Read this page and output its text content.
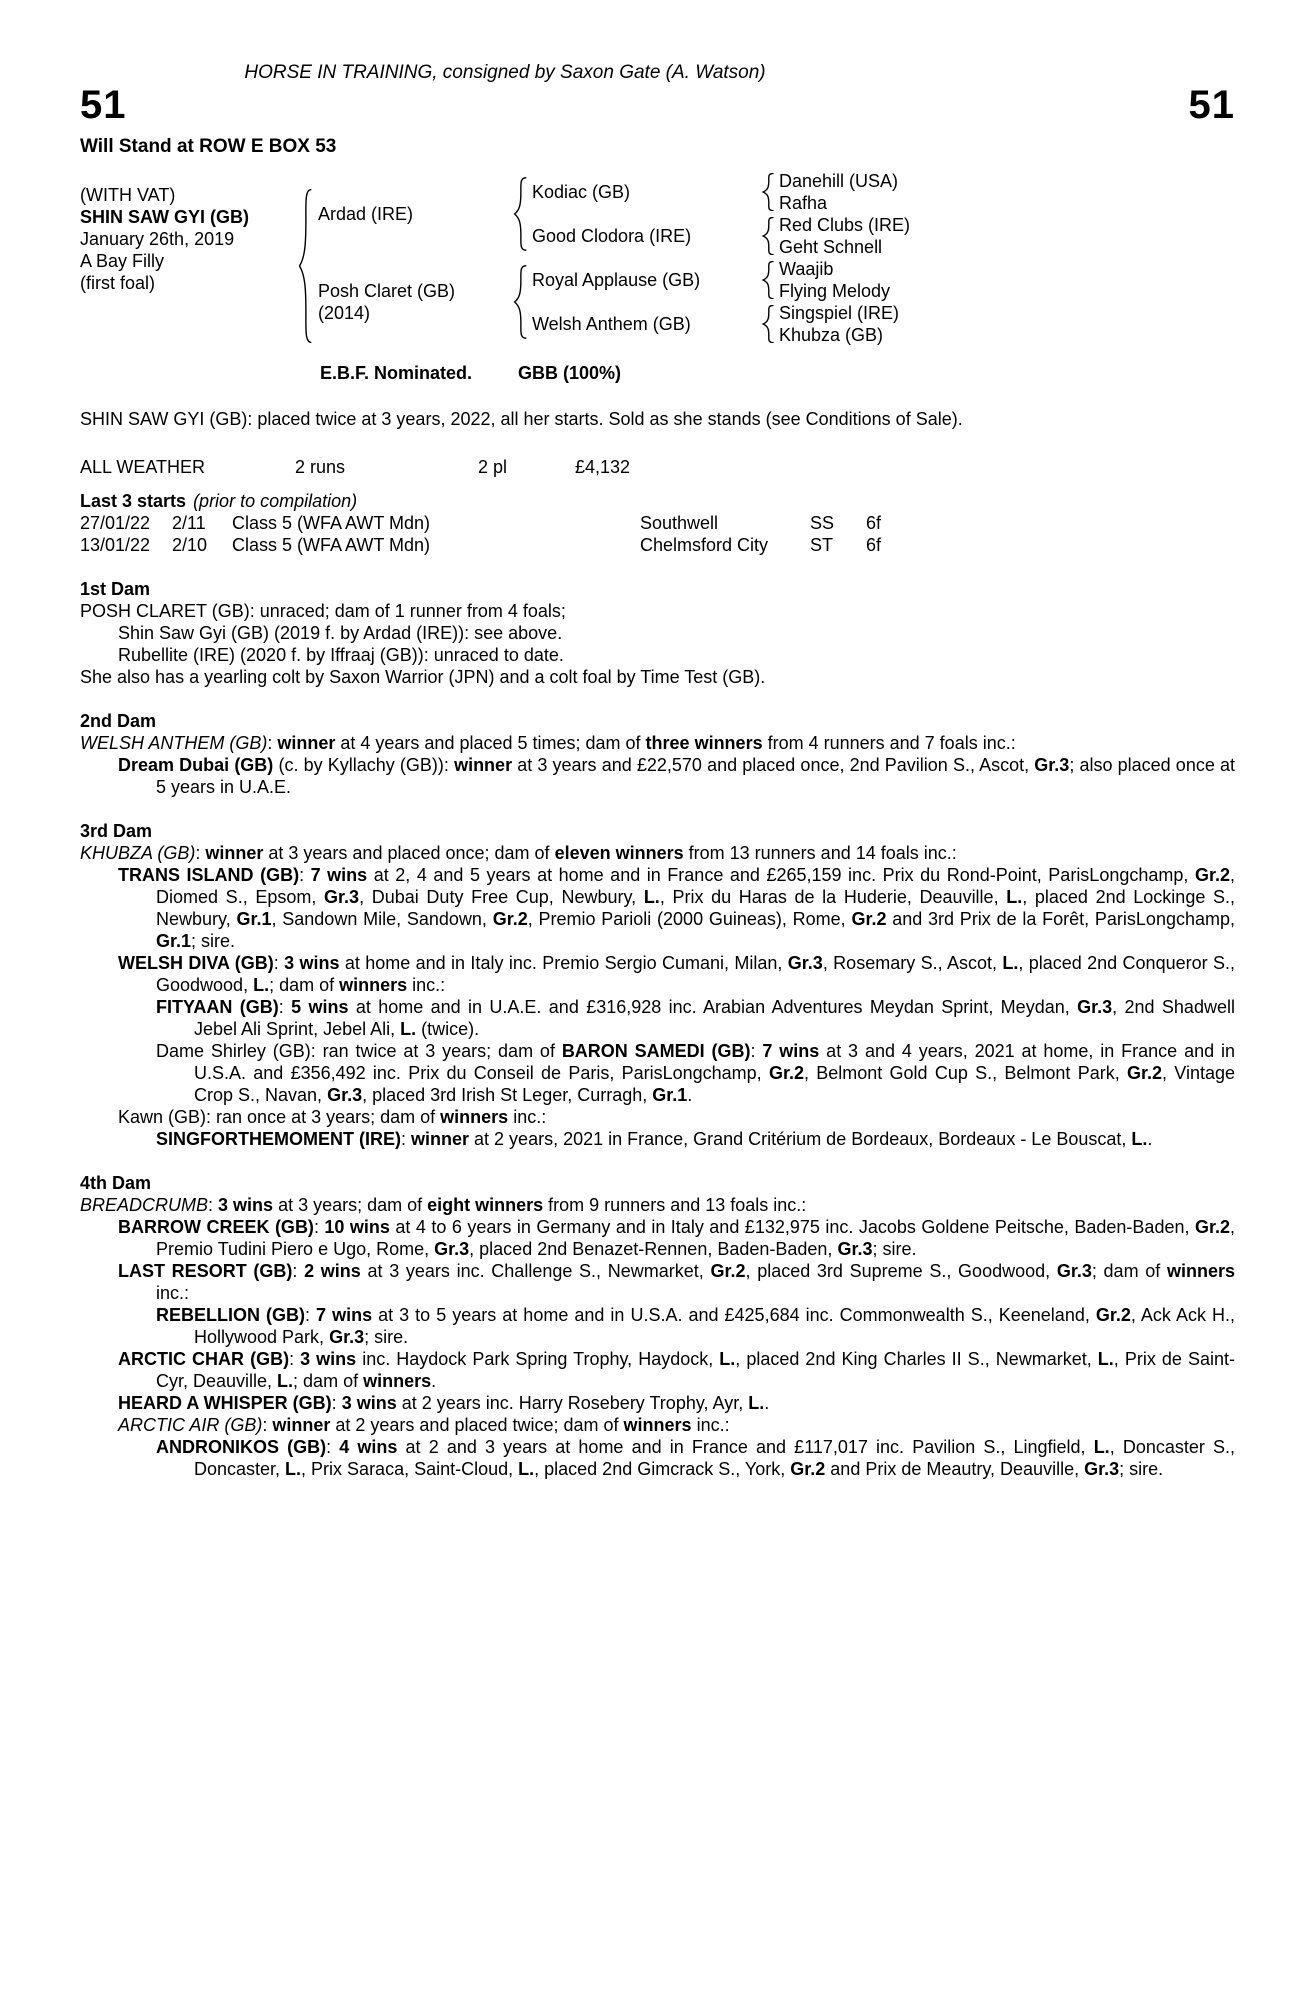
HORSE IN TRAINING, consigned by Saxon Gate (A. Watson)
51	51
Will Stand at ROW E BOX 53
(WITH VAT)
SHIN SAW GYI (GB)
January 26th, 2019
A Bay Filly
(first foal)
Ardad (IRE)
Posh Claret (GB)
(2014)
Kodiac (GB)
Good Clodora (IRE)
Royal Applause (GB)
Welsh Anthem (GB)
Danehill (USA)
Rafha
Red Clubs (IRE)
Geht Schnell
Waajib
Flying Melody
Singspiel (IRE)
Khubza (GB)
E.B.F. Nominated.	GBB (100%)

SHIN SAW GYI (GB): placed twice at 3 years, 2022, all her starts. Sold as she stands (see Conditions of Sale).

ALL WEATHER	2 runs	2 pl	£4,132
Last 3 starts (prior to compilation)
27/01/22	2/11	Class 5 (WFA AWT Mdn)	Southwell	SS	6f
13/01/22	2/10	Class 5 (WFA AWT Mdn)	Chelmsford City	ST	6f
1st Dam

POSH CLARET (GB): unraced; dam of 1 runner from 4 foals;

Shin Saw Gyi (GB) (2019 f. by Ardad (IRE)): see above.

Rubellite (IRE) (2020 f. by Iffraaj (GB)): unraced to date.

She also has a yearling colt by Saxon Warrior (JPN) and a colt foal by Time Test (GB).

2nd Dam

WELSH ANTHEM (GB): winner at 4 years and placed 5 times; dam of three winners from 4 runners and 7 foals inc.:

Dream Dubai (GB) (c. by Kyllachy (GB)): winner at 3 years and £22,570 and placed once, 2nd Pavilion S., Ascot, Gr.3; also placed once at 5 years in U.A.E.

3rd Dam

KHUBZA (GB): winner at 3 years and placed once; dam of eleven winners from 13 runners and 14 foals inc.:

TRANS ISLAND (GB): 7 wins at 2, 4 and 5 years at home and in France and £265,159 inc. Prix du Rond-Point, ParisLongchamp, Gr.2, Diomed S., Epsom, Gr.3, Dubai Duty Free Cup, Newbury, L., Prix du Haras de la Huderie, Deauville, L., placed 2nd Lockinge S., Newbury, Gr.1, Sandown Mile, Sandown, Gr.2, Premio Parioli (2000 Guineas), Rome, Gr.2 and 3rd Prix de la Forêt, ParisLongchamp, Gr.1; sire.

WELSH DIVA (GB): 3 wins at home and in Italy inc. Premio Sergio Cumani, Milan, Gr.3, Rosemary S., Ascot, L., placed 2nd Conqueror S., Goodwood, L.; dam of winners inc.:

FITYAAN (GB): 5 wins at home and in U.A.E. and £316,928 inc. Arabian Adventures Meydan Sprint, Meydan, Gr.3, 2nd Shadwell Jebel Ali Sprint, Jebel Ali, L. (twice).

Dame Shirley (GB): ran twice at 3 years; dam of BARON SAMEDI (GB): 7 wins at 3 and 4 years, 2021 at home, in France and in U.S.A. and £356,492 inc. Prix du Conseil de Paris, ParisLongchamp, Gr.2, Belmont Gold Cup S., Belmont Park, Gr.2, Vintage Crop S., Navan, Gr.3, placed 3rd Irish St Leger, Curragh, Gr.1.

Kawn (GB): ran once at 3 years; dam of winners inc.:

SINGFORTHEMOMENT (IRE): winner at 2 years, 2021 in France, Grand Critérium de Bordeaux, Bordeaux - Le Bouscat, L..

4th Dam

BREADCRUMB: 3 wins at 3 years; dam of eight winners from 9 runners and 13 foals inc.:

BARROW CREEK (GB): 10 wins at 4 to 6 years in Germany and in Italy and £132,975 inc. Jacobs Goldene Peitsche, Baden-Baden, Gr.2, Premio Tudini Piero e Ugo, Rome, Gr.3, placed 2nd Benazet-Rennen, Baden-Baden, Gr.3; sire.

LAST RESORT (GB): 2 wins at 3 years inc. Challenge S., Newmarket, Gr.2, placed 3rd Supreme S., Goodwood, Gr.3; dam of winners inc.:

REBELLION (GB): 7 wins at 3 to 5 years at home and in U.S.A. and £425,684 inc. Commonwealth S., Keeneland, Gr.2, Ack Ack H., Hollywood Park, Gr.3; sire.

ARCTIC CHAR (GB): 3 wins inc. Haydock Park Spring Trophy, Haydock, L., placed 2nd King Charles II S., Newmarket, L., Prix de Saint-Cyr, Deauville, L.; dam of winners.

HEARD A WHISPER (GB): 3 wins at 2 years inc. Harry Rosebery Trophy, Ayr, L..

ARCTIC AIR (GB): winner at 2 years and placed twice; dam of winners inc.:

ANDRONIKOS (GB): 4 wins at 2 and 3 years at home and in France and £117,017 inc. Pavilion S., Lingfield, L., Doncaster S., Doncaster, L., Prix Saraca, Saint-Cloud, L., placed 2nd Gimcrack S., York, Gr.2 and Prix de Meautry, Deauville, Gr.3; sire.
